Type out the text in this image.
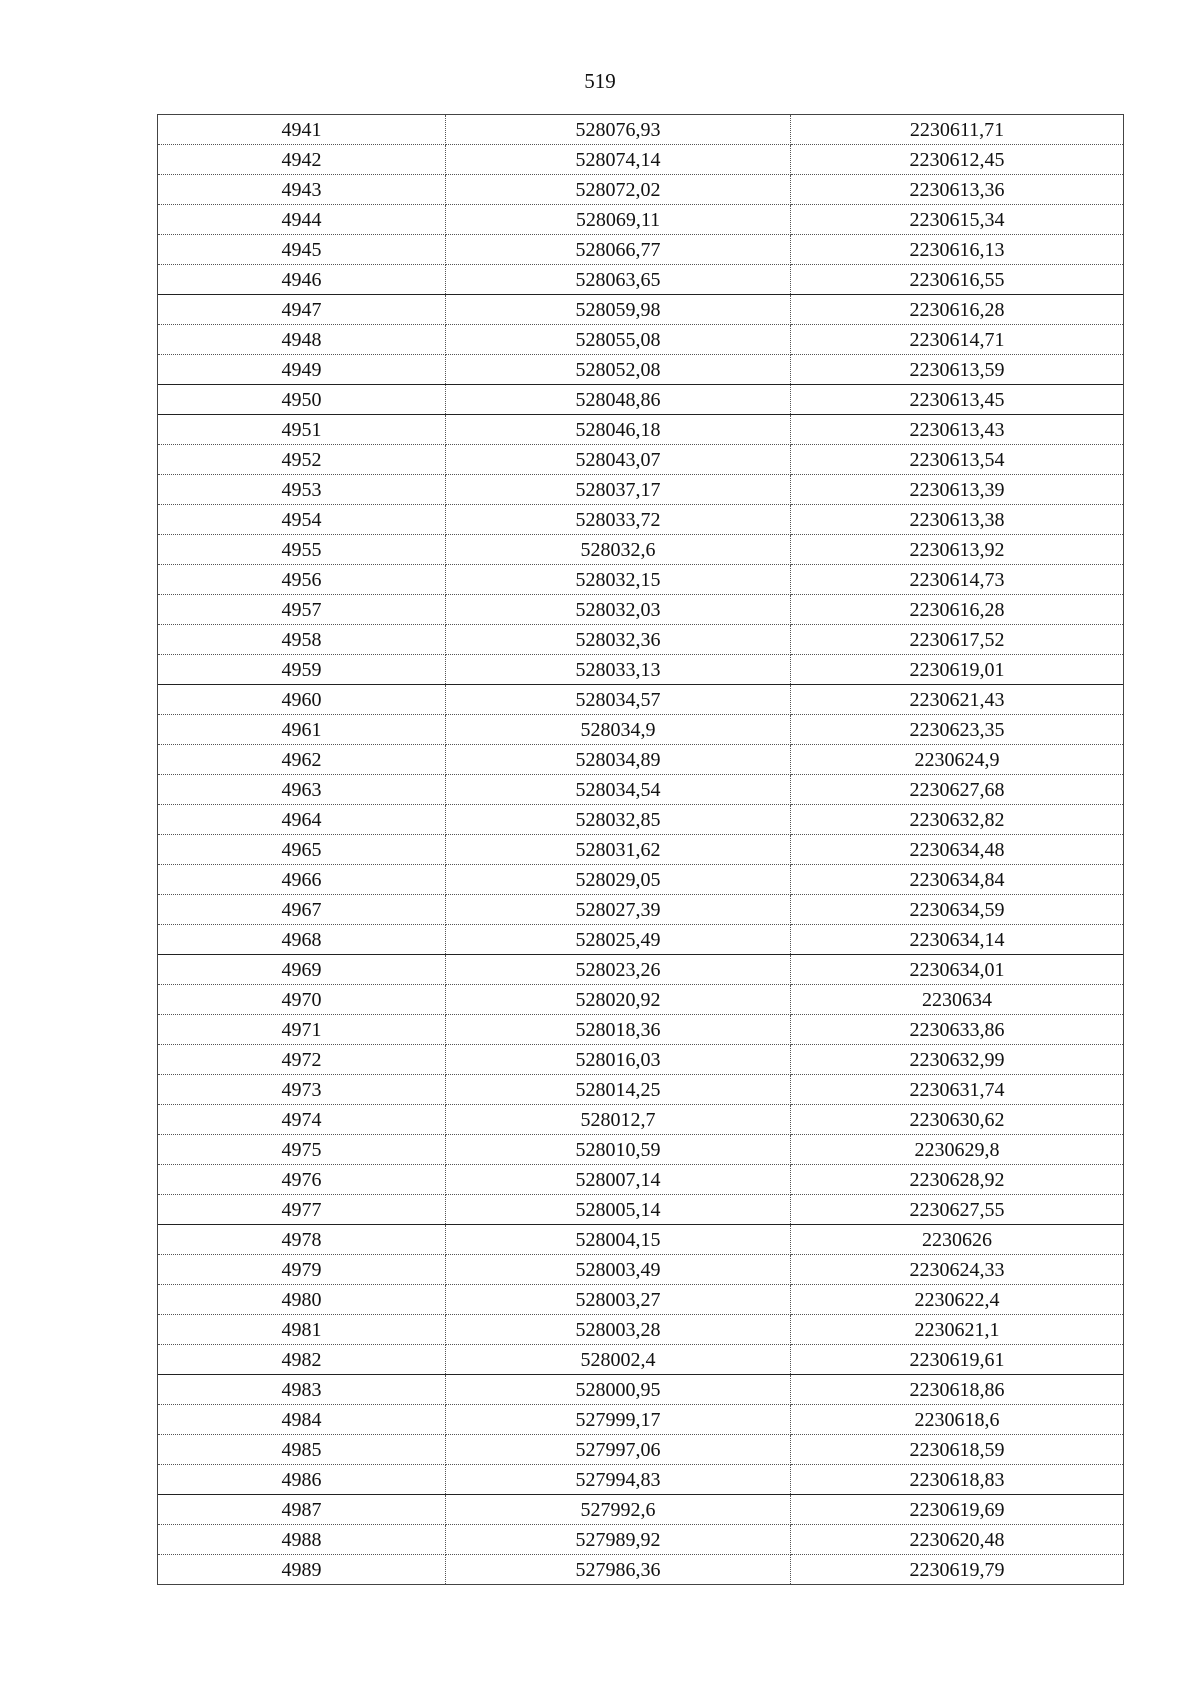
519
4941	528076,93	2230611,71
4942	528074,14	2230612,45
4943	528072,02	2230613,36
4944	528069,11	2230615,34
4945	528066,77	2230616,13
4946	528063,65	2230616,55
4947	528059,98	2230616,28
4948	528055,08	2230614,71
4949	528052,08	2230613,59
4950	528048,86	2230613,45
4951	528046,18	2230613,43
4952	528043,07	2230613,54
4953	528037,17	2230613,39
4954	528033,72	2230613,38
4955	528032,6	2230613,92
4956	528032,15	2230614,73
4957	528032,03	2230616,28
4958	528032,36	2230617,52
4959	528033,13	2230619,01
4960	528034,57	2230621,43
4961	528034,9	2230623,35
4962	528034,89	2230624,9
4963	528034,54	2230627,68
4964	528032,85	2230632,82
4965	528031,62	2230634,48
4966	528029,05	2230634,84
4967	528027,39	2230634,59
4968	528025,49	2230634,14
4969	528023,26	2230634,01
4970	528020,92	2230634
4971	528018,36	2230633,86
4972	528016,03	2230632,99
4973	528014,25	2230631,74
4974	528012,7	2230630,62
4975	528010,59	2230629,8
4976	528007,14	2230628,92
4977	528005,14	2230627,55
4978	528004,15	2230626
4979	528003,49	2230624,33
4980	528003,27	2230622,4
4981	528003,28	2230621,1
4982	528002,4	2230619,61
4983	528000,95	2230618,86
4984	527999,17	2230618,6
4985	527997,06	2230618,59
4986	527994,83	2230618,83
4987	527992,6	2230619,69
4988	527989,92	2230620,48
4989	527986,36	2230619,79
